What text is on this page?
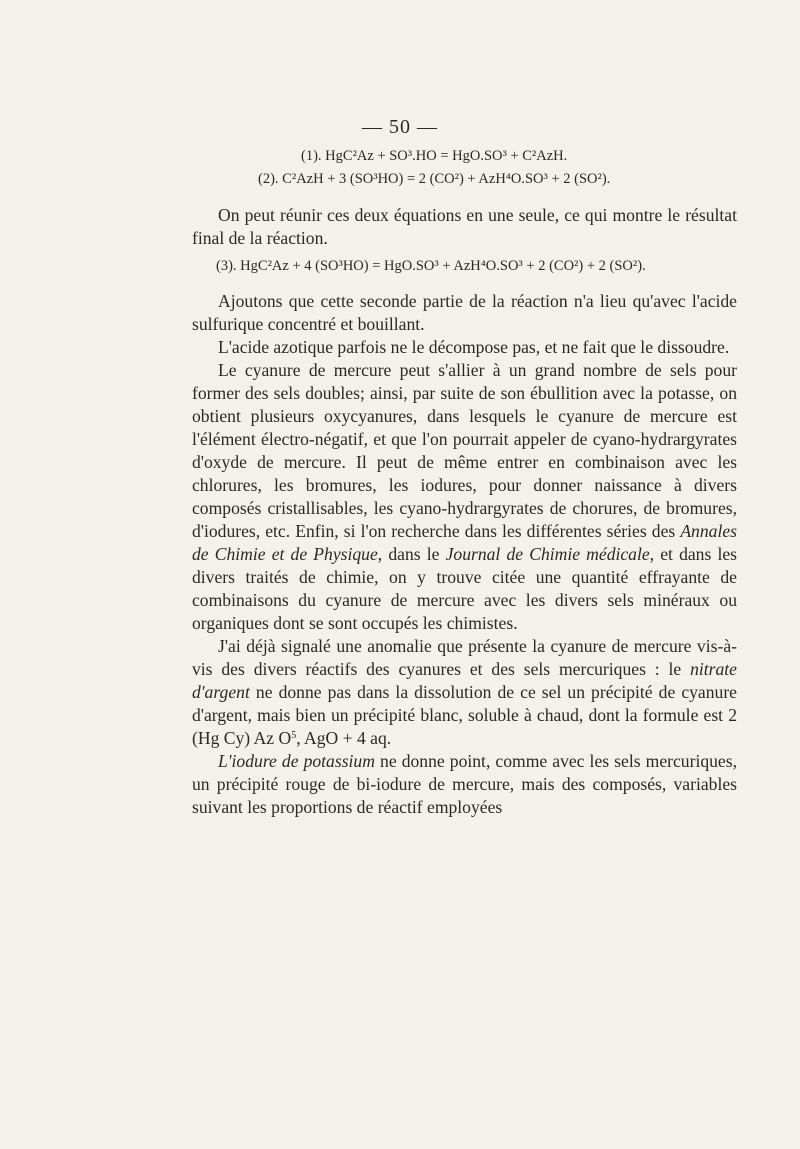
— 50 —
(1). HgC²Az + SO³.HO = HgO.SO³ + C²AzH.
(2). C²AzH + 3 (SO³HO) = 2 (CO²) + AzH⁴O.SO³ + 2 (SO²).

On peut réunir ces deux équations en une seule, ce qui montre le résultat final de la réaction.

(3). HgC²Az + 4 (SO³HO) = HgO.SO³ + AzH⁴O.SO³ + 2 (CO²) + 2 (SO²).

Ajoutons que cette seconde partie de la réaction n'a lieu qu'avec l'acide sulfurique concentré et bouillant.

L'acide azotique parfois ne le décompose pas, et ne fait que le dissoudre.

Le cyanure de mercure peut s'allier à un grand nombre de sels pour former des sels doubles; ainsi, par suite de son ébullition avec la potasse, on obtient plusieurs oxycyanures, dans lesquels le cyanure de mercure est l'élément électro-négatif, et que l'on pourrait appeler de cyano-hydrargyrates d'oxyde de mercure. Il peut de même entrer en combinaison avec les chlorures, les bromures, les iodures, pour donner naissance à divers composés cristallisables, les cyano-hydrargyrates de chorures, de bromures, d'iodures, etc. Enfin, si l'on recherche dans les différentes séries des Annales de Chimie et de Physique, dans le Journal de Chimie médicale, et dans les divers traités de chimie, on y trouve citée une quantité effrayante de combinaisons du cyanure de mercure avec les divers sels minéraux ou organiques dont se sont occupés les chimistes.

J'ai déjà signalé une anomalie que présente la cyanure de mercure vis-à-vis des divers réactifs des cyanures et des sels mercuriques : le nitrate d'argent ne donne pas dans la dissolution de ce sel un précipité de cyanure d'argent, mais bien un précipité blanc, soluble à chaud, dont la formule est 2 (Hg Cy) Az $O^5$, AgO + 4 aq.

L'iodure de potassium ne donne point, comme avec les sels mercuriques, un précipité rouge de bi-iodure de mercure, mais des composés, variables suivant les proportions de réactif employées
